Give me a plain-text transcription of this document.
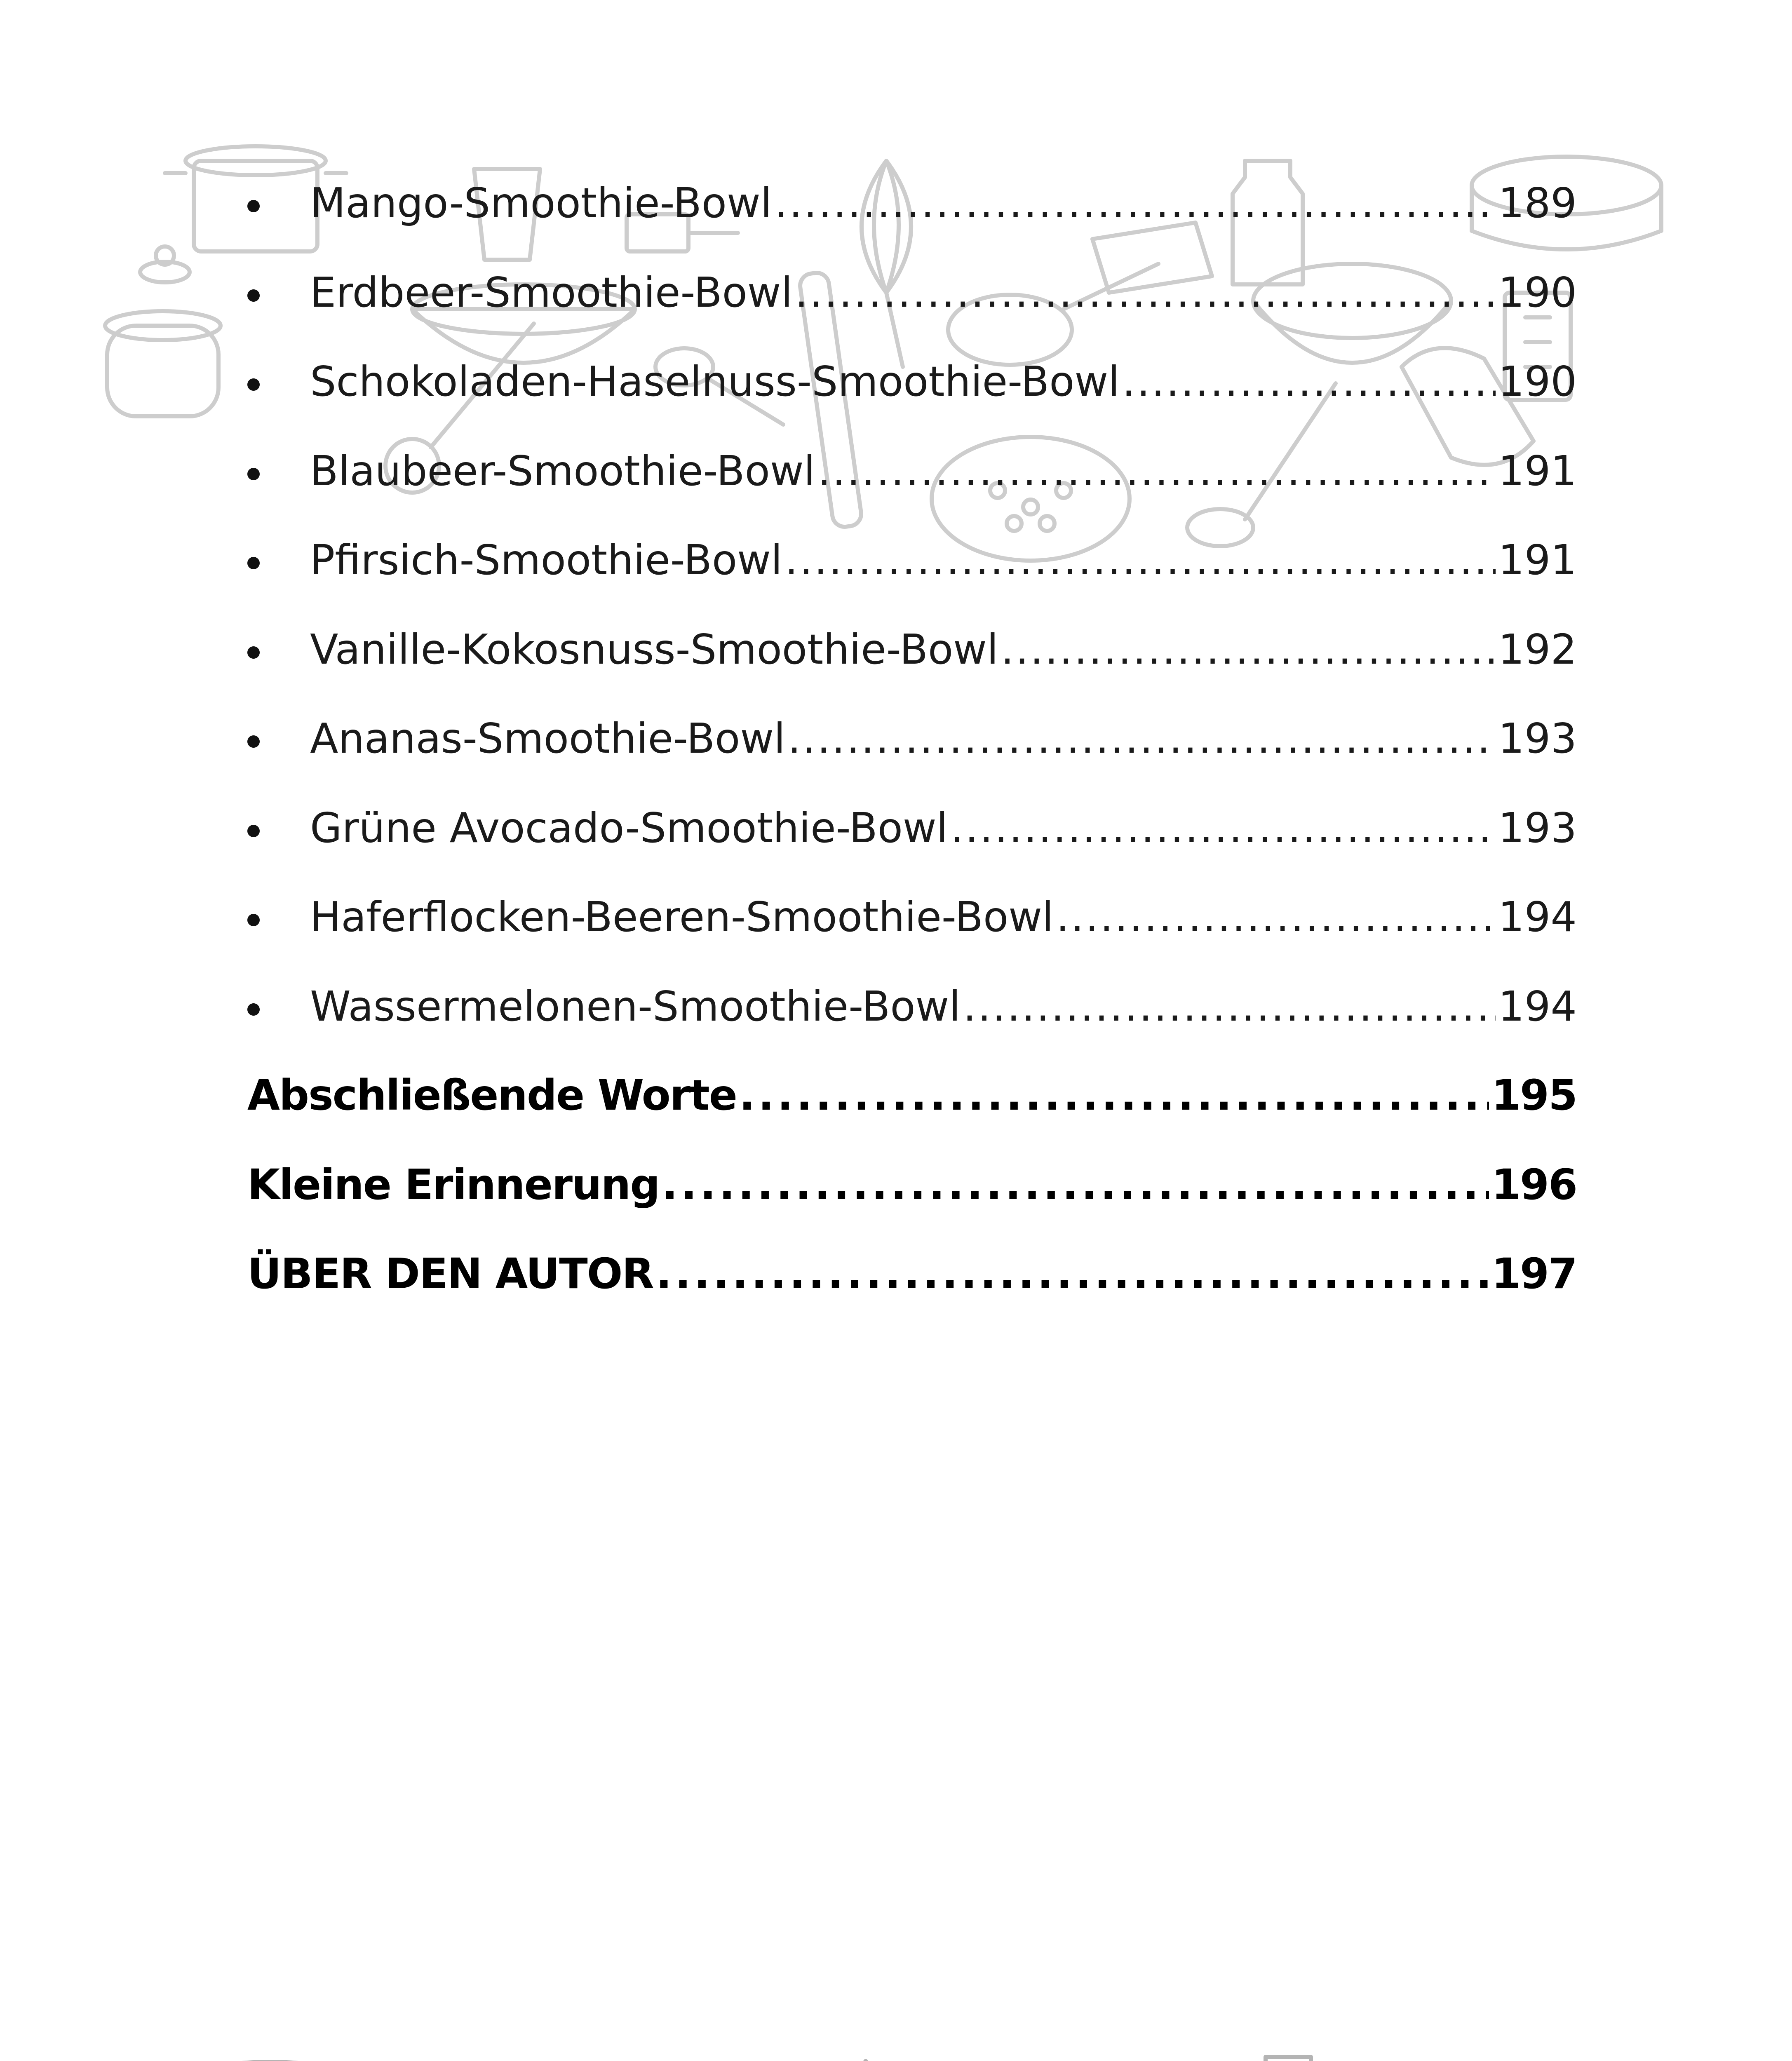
Mango-Smoothie-Bowl . . .	189
Erdbeer-Smoothie-Bowl . . .	190
Schokoladen-Haselnuss-Smoothie-Bowl . . .	190
Blaubeer-Smoothie-Bowl . . .	191
Pfirsich-Smoothie-Bowl . . .	191
Vanille-Kokosnuss-Smoothie-Bowl . . .	192
Ananas-Smoothie-Bowl . . .	193
Grüne Avocado-Smoothie-Bowl . . .	193
Haferflocken-Beeren-Smoothie-Bowl . . .	194
Wassermelonen-Smoothie-Bowl . . .	194
Abschließende Worte . . .	195
Kleine Erinnerung . . .	196
ÜBER DEN AUTOR . . .	197
